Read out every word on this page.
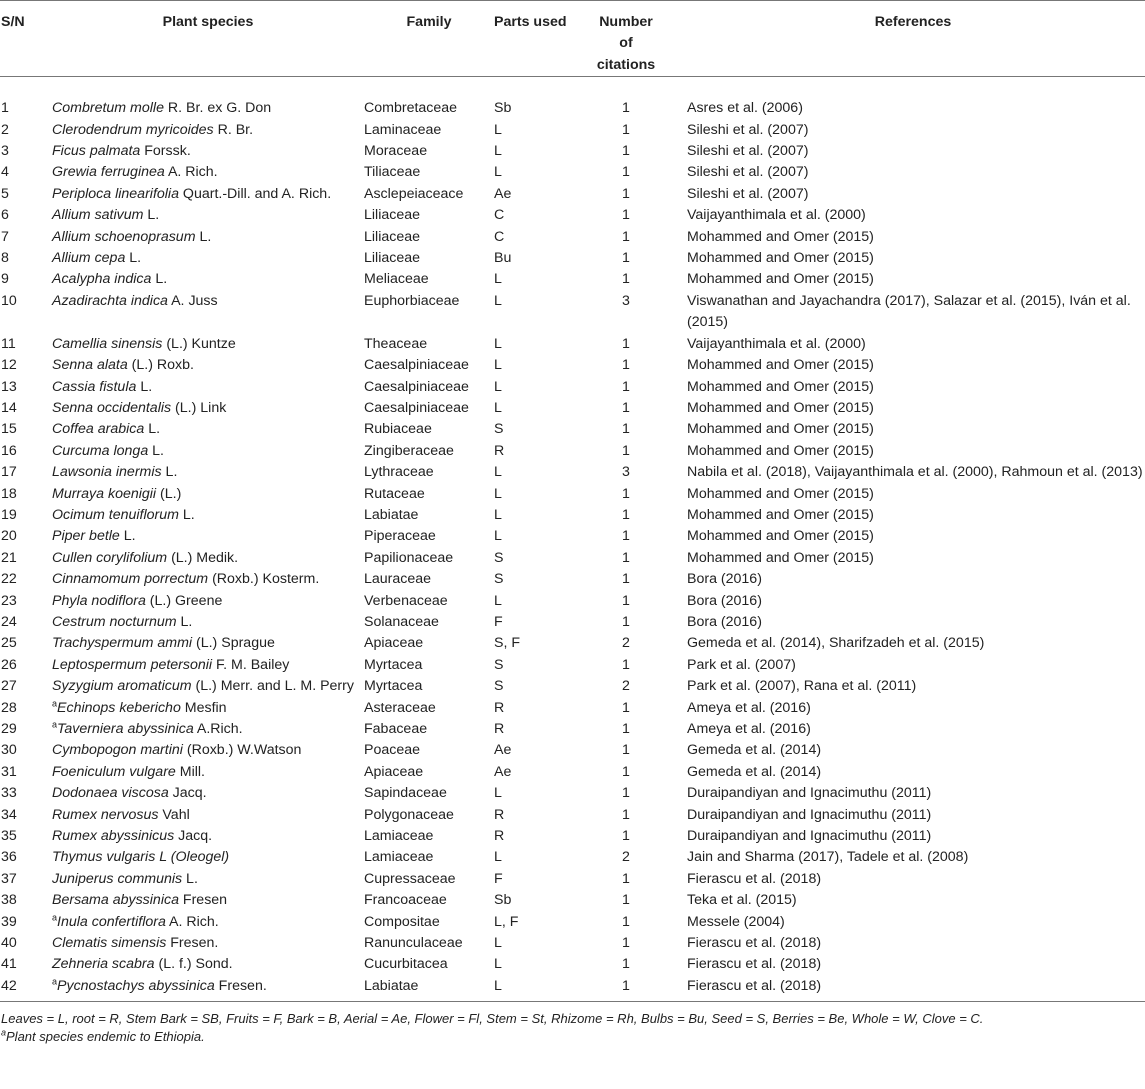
S/N	Plant species	Family	Parts used	Number of citations	References
1	Combretum molle R. Br. ex G. Don	Combretaceae	Sb	1	Asres et al. (2006)
2	Clerodendrum myricoides R. Br.	Laminaceae	L	1	Sileshi et al. (2007)
3	Ficus palmata Forssk.	Moraceae	L	1	Sileshi et al. (2007)
4	Grewia ferruginea A. Rich.	Tiliaceae	L	1	Sileshi et al. (2007)
5	Periploca linearifolia Quart.-Dill. and A. Rich.	Asclepeiaceace	Ae	1	Sileshi et al. (2007)
6	Allium sativum L.	Liliaceae	C	1	Vaijayanthimala et al. (2000)
7	Allium schoenoprasum L.	Liliaceae	C	1	Mohammed and Omer (2015)
8	Allium cepa L.	Liliaceae	Bu	1	Mohammed and Omer (2015)
9	Acalypha indica L.	Meliaceae	L	1	Mohammed and Omer (2015)
10	Azadirachta indica A. Juss	Euphorbiaceae	L	3	Viswanathan and Jayachandra (2017), Salazar et al. (2015), Iván et al. (2015)
11	Camellia sinensis (L.) Kuntze	Theaceae	L	1	Vaijayanthimala et al. (2000)
12	Senna alata (L.) Roxb.	Caesalpiniaceae	L	1	Mohammed and Omer (2015)
13	Cassia fistula L.	Caesalpiniaceae	L	1	Mohammed and Omer (2015)
14	Senna occidentalis (L.) Link	Caesalpiniaceae	L	1	Mohammed and Omer (2015)
15	Coffea arabica L.	Rubiaceae	S	1	Mohammed and Omer (2015)
16	Curcuma longa L.	Zingiberaceae	R	1	Mohammed and Omer (2015)
17	Lawsonia inermis L.	Lythraceae	L	3	Nabila et al. (2018), Vaijayanthimala et al. (2000), Rahmoun et al. (2013)
18	Murraya koenigii (L.)	Rutaceae	L	1	Mohammed and Omer (2015)
19	Ocimum tenuiflorum L.	Labiatae	L	1	Mohammed and Omer (2015)
20	Piper betle L.	Piperaceae	L	1	Mohammed and Omer (2015)
21	Cullen corylifolium (L.) Medik.	Papilionaceae	S	1	Mohammed and Omer (2015)
22	Cinnamomum porrectum (Roxb.) Kosterm.	Lauraceae	S	1	Bora (2016)
23	Phyla nodiflora (L.) Greene	Verbenaceae	L	1	Bora (2016)
24	Cestrum nocturnum L.	Solanaceae	F	1	Bora (2016)
25	Trachyspermum ammi (L.) Sprague	Apiaceae	S, F	2	Gemeda et al. (2014), Sharifzadeh et al. (2015)
26	Leptospermum petersonii F. M. Bailey	Myrtacea	S	1	Park et al. (2007)
27	Syzygium aromaticum (L.) Merr. and L. M. Perry	Myrtacea	S	2	Park et al. (2007), Rana et al. (2011)
28	$^a$Echinops kebericho Mesfin	Asteraceae	R	1	Ameya et al. (2016)
29	$^a$Taverniera abyssinica A.Rich.	Fabaceae	R	1	Ameya et al. (2016)
30	Cymbopogon martini (Roxb.) W.Watson	Poaceae	Ae	1	Gemeda et al. (2014)
31	Foeniculum vulgare Mill.	Apiaceae	Ae	1	Gemeda et al. (2014)
33	Dodonaea viscosa Jacq.	Sapindaceae	L	1	Duraipandiyan and Ignacimuthu (2011)
34	Rumex nervosus Vahl	Polygonaceae	R	1	Duraipandiyan and Ignacimuthu (2011)
35	Rumex abyssinicus Jacq.	Lamiaceae	R	1	Duraipandiyan and Ignacimuthu (2011)
36	Thymus vulgaris L (Oleogel)	Lamiaceae	L	2	Jain and Sharma (2017), Tadele et al. (2008)
37	Juniperus communis L.	Cupressaceae	F	1	Fierascu et al. (2018)
38	Bersama abyssinica Fresen	Francoaceae	Sb	1	Teka et al. (2015)
39	$^a$Inula confertiflora A. Rich.	Compositae	L, F	1	Messele (2004)
40	Clematis simensis Fresen.	Ranunculaceae	L	1	Fierascu et al. (2018)
41	Zehneria scabra (L. f.) Sond.	Cucurbitacea	L	1	Fierascu et al. (2018)
42	$^a$Pycnostachys abyssinica Fresen.	Labiatae	L	1	Fierascu et al. (2018)
Leaves = L, root = R, Stem Bark = SB, Fruits = F, Bark = B, Aerial = Ae, Flower = Fl, Stem = St, Rhizome = Rh, Bulbs = Bu, Seed = S, Berries = Be, Whole = W, Clove = C.
$^a$Plant species endemic to Ethiopia.
